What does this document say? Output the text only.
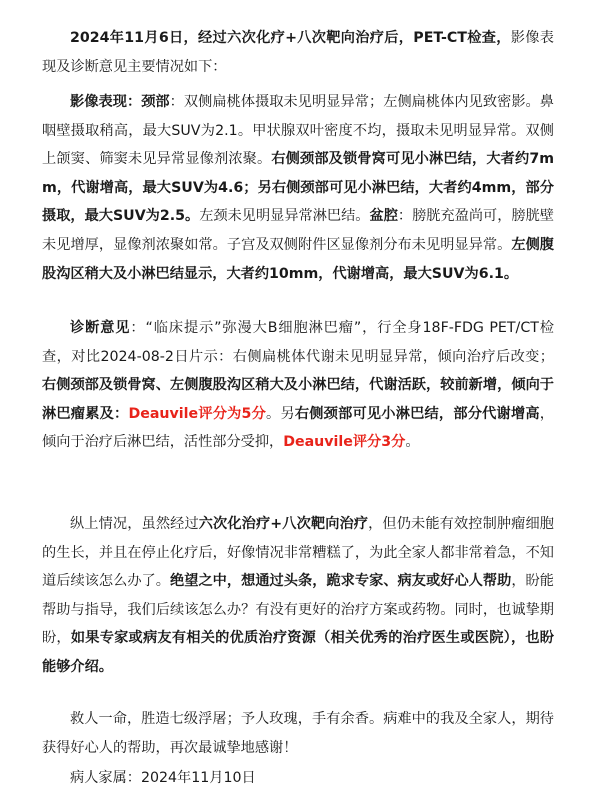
2024年11月6日，经过六次化疗+八次靶向治疗后，PET-CT检查，影像表现及诊断意见主要情况如下：

影像表现：颈部：双侧扁桃体摄取未见明显异常；左侧扁桃体内见致密影。鼻咽壁摄取稍高，最大SUV为2.1。甲状腺双叶密度不均，摄取未见明显异常。双侧上颌窦、筛窦未见异常显像剂浓聚。右侧颈部及锁骨窝可见小淋巴结，大者约7mm，代谢增高，最大SUV为4.6；另右侧颈部可见小淋巴结，大者约4mm，部分摄取，最大SUV为2.5。左颈未见明显异常淋巴结。盆腔：膀胱充盈尚可，膀胱壁未见增厚，显像剂浓聚如常。子宫及双侧附件区显像剂分布未见明显异常。左侧腹股沟区稍大及小淋巴结显示，大者约10mm，代谢增高，最大SUV为6.1。

诊断意见：“临床提示”弥漫大B细胞淋巴瘤”，行全身18F-FDG PET/CT检查，对比2024-08-2日片示：右侧扁桃体代谢未见明显异常，倾向治疗后改变；右侧颈部及锁骨窝、左侧腹股沟区稍大及小淋巴结，代谢活跃，较前新增，倾向于淋巴瘤累及：Deauvile评分为5分。另右侧颈部可见小淋巴结，部分代谢增高，倾向于治疗后淋巴结，活性部分受抑，Deauvile评分3分。

纵上情况，虽然经过六次化治疗+八次靶向治疗，但仍未能有效控制肿瘤细胞的生长，并且在停止化疗后，好像情况非常糟糕了，为此全家人都非常着急，不知道后续该怎么办了。绝望之中，想通过头条，跪求专家、病友或好心人帮助，盼能帮助与指导，我们后续该怎么办？有没有更好的治疗方案或药物。同时，也诚挚期盼，如果专家或病友有相关的优质治疗资源（相关优秀的治疗医生或医院），也盼能够介绍。

救人一命，胜造七级浮屠；予人玫瑰，手有余香。病难中的我及全家人，期待获得好心人的帮助，再次最诚挚地感谢！

病人家属：2024年11月10日
